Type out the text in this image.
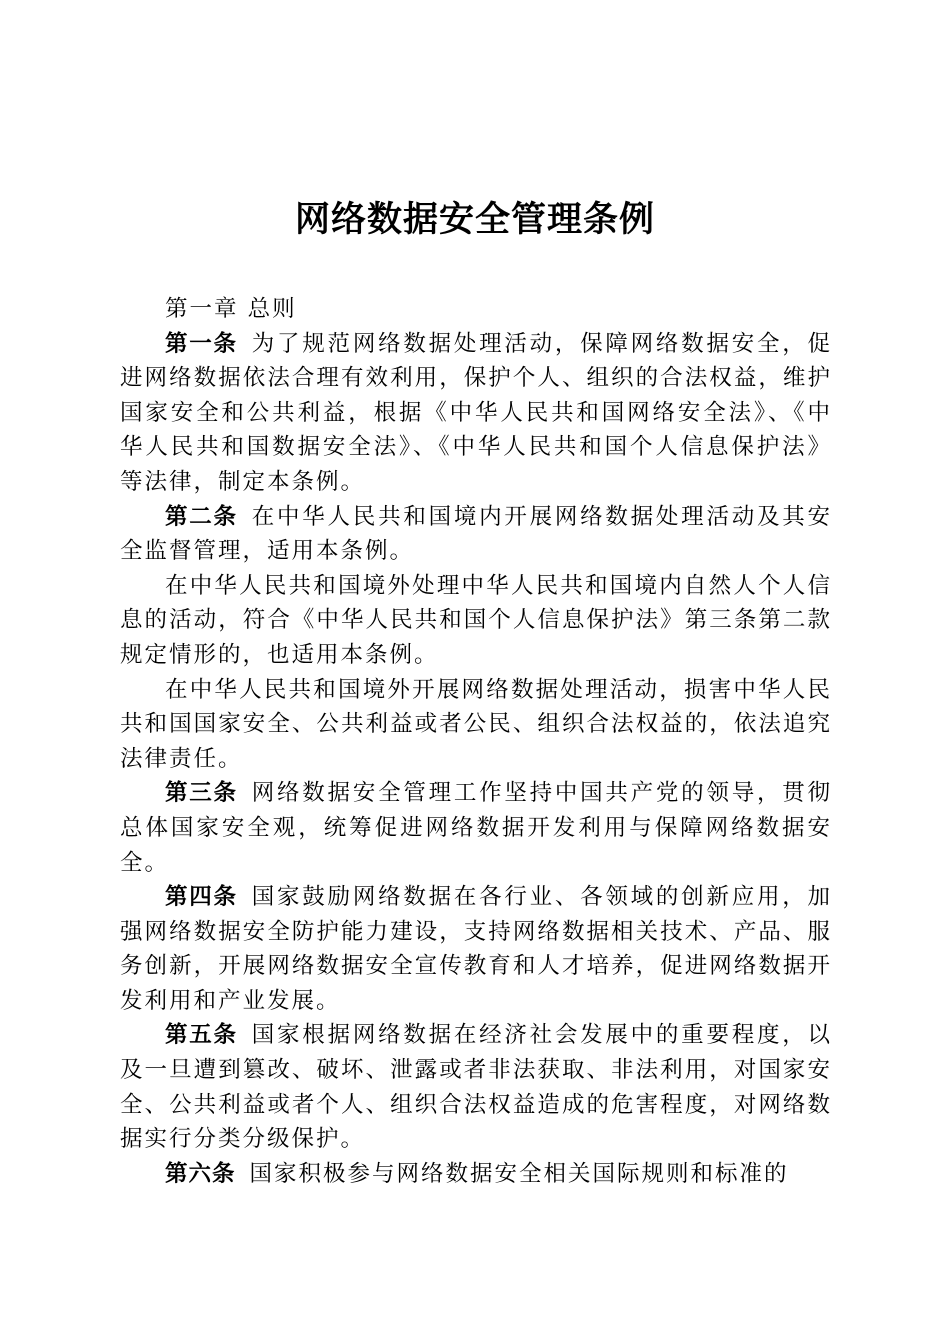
网络数据安全管理条例

第一章 总则

第一条 为了规范网络数据处理活动，保障网络数据安全，促进网络数据依法合理有效利用，保护个人、组织的合法权益，维护国家安全和公共利益，根据《中华人民共和国网络安全法》、《中华人民共和国数据安全法》、《中华人民共和国个人信息保护法》等法律，制定本条例。

第二条 在中华人民共和国境内开展网络数据处理活动及其安全监督管理，适用本条例。

在中华人民共和国境外处理中华人民共和国境内自然人个人信息的活动，符合《中华人民共和国个人信息保护法》第三条第二款规定情形的，也适用本条例。

在中华人民共和国境外开展网络数据处理活动，损害中华人民共和国国家安全、公共利益或者公民、组织合法权益的，依法追究法律责任。

第三条 网络数据安全管理工作坚持中国共产党的领导，贯彻总体国家安全观，统筹促进网络数据开发利用与保障网络数据安全。

第四条 国家鼓励网络数据在各行业、各领域的创新应用，加强网络数据安全防护能力建设，支持网络数据相关技术、产品、服务创新，开展网络数据安全宣传教育和人才培养，促进网络数据开发利用和产业发展。

第五条 国家根据网络数据在经济社会发展中的重要程度，以及一旦遭到篡改、破坏、泄露或者非法获取、非法利用，对国家安全、公共利益或者个人、组织合法权益造成的危害程度，对网络数据实行分类分级保护。

第六条 国家积极参与网络数据安全相关国际规则和标准的
